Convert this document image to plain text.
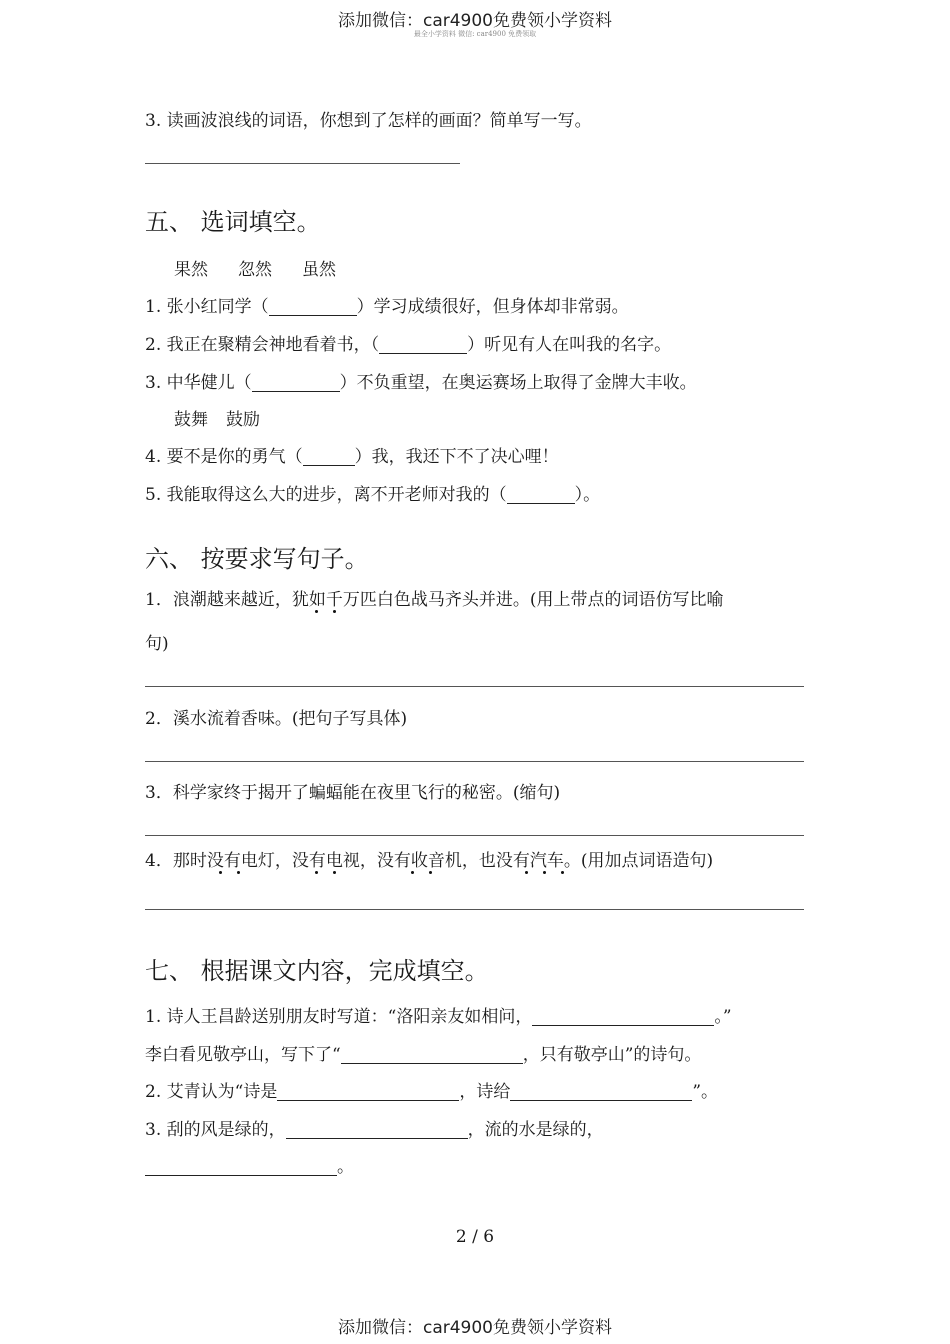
添加微信：car4900免费领小学资料
最全小学资料 微信: car4900 免费领取
3. 读画波浪线的词语，你想到了怎样的画面？简单写一写。
五、 选词填空。
果然 忽然 虽然
1. 张小红同学（	）学习成绩很好，但身体却非常弱。
2. 我正在聚精会神地看着书，（	）听见有人在叫我的名字。
3. 中华健儿（	）不负重望，在奥运赛场上取得了金牌大丰收。
鼓舞 鼓励
4. 要不是你的勇气（	）我，我还下不了决心哩！
5. 我能取得这么大的进步，离不开老师对我的（	）。
六、 按要求写句子。
1．浪潮越来越近，犹如千万匹白色战马齐头并进。(用上带点的词语仿写比喻
句)
2．溪水流着香味。(把句子写具体)
3．科学家终于揭开了蝙蝠能在夜里飞行的秘密。(缩句)
4．那时没有电灯，没有电视，没有收音机，也没有汽车。(用加点词语造句)
七、 根据课文内容，完成填空。
1. 诗人王昌龄送别朋友时写道：“洛阳亲友如相问，	。”
李白看见敬亭山，写下了“	，只有敬亭山”的诗句。
2. 艾青认为“诗是	，诗给	”。
3. 刮的风是绿的，	，流的水是绿的，
。
2 / 6
添加微信：car4900免费领小学资料
